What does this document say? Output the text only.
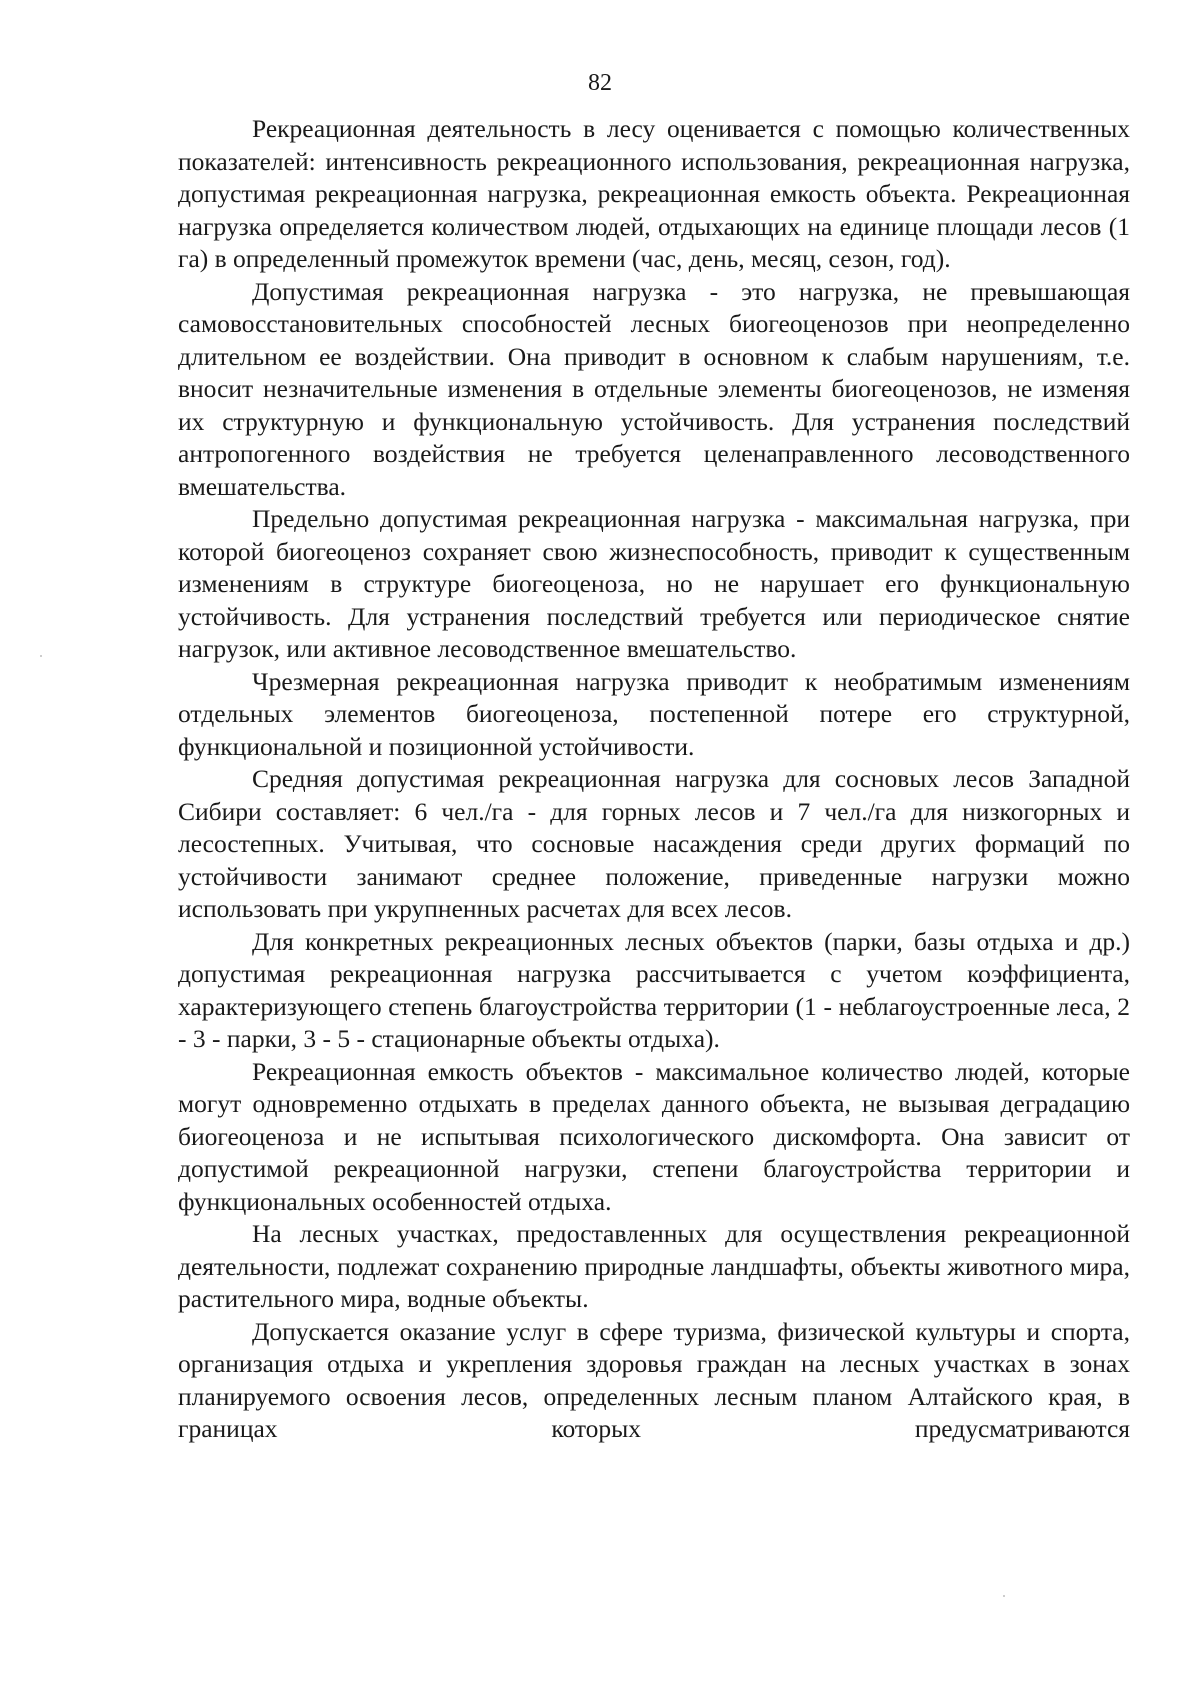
82

Рекреационная деятельность в лесу оценивается с помощью количественных показателей: интенсивность рекреационного использования, рекреационная нагрузка, допустимая рекреационная нагрузка, рекреационная емкость объекта. Рекреационная нагрузка определяется количеством людей, отдыхающих на единице площади лесов (1 га) в определенный промежуток времени (час, день, месяц, сезон, год).

Допустимая рекреационная нагрузка - это нагрузка, не превышающая самовосстановительных способностей лесных биогеоценозов при неопределенно длительном ее воздействии. Она приводит в основном к слабым нарушениям, т.е. вносит незначительные изменения в отдельные элементы биогеоценозов, не изменяя их структурную и функциональную устойчивость. Для устранения последствий антропогенного воздействия не требуется целенаправленного лесоводственного вмешательства.

Предельно допустимая рекреационная нагрузка - максимальная нагрузка, при которой биогеоценоз сохраняет свою жизнеспособность, приводит к существенным изменениям в структуре биогеоценоза, но не нарушает его функциональную устойчивость. Для устранения последствий требуется или периодическое снятие нагрузок, или активное лесоводственное вмешательство.

Чрезмерная рекреационная нагрузка приводит к необратимым изменениям отдельных элементов биогеоценоза, постепенной потере его структурной, функциональной и позиционной устойчивости.

Средняя допустимая рекреационная нагрузка для сосновых лесов Западной Сибири составляет: 6 чел./га - для горных лесов и 7 чел./га для низкогорных и лесостепных. Учитывая, что сосновые насаждения среди других формаций по устойчивости занимают среднее положение, приведенные нагрузки можно использовать при укрупненных расчетах для всех лесов.

Для конкретных рекреационных лесных объектов (парки, базы отдыха и др.) допустимая рекреационная нагрузка рассчитывается с учетом коэффициента, характеризующего степень благоустройства территории (1 - неблагоустроенные леса, 2 - 3 - парки, 3 - 5 - стационарные объекты отдыха).

Рекреационная емкость объектов - максимальное количество людей, которые могут одновременно отдыхать в пределах данного объекта, не вызывая деградацию биогеоценоза и не испытывая психологического дискомфорта. Она зависит от допустимой рекреационной нагрузки, степени благоустройства территории и функциональных особенностей отдыха.

На лесных участках, предоставленных для осуществления рекреационной деятельности, подлежат сохранению природные ландшафты, объекты животного мира, растительного мира, водные объекты.

Допускается оказание услуг в сфере туризма, физической культуры и спорта, организация отдыха и укрепления здоровья граждан на лесных участках в зонах планируемого освоения лесов, определенных лесным планом Алтайского края, в границах которых предусматриваются
